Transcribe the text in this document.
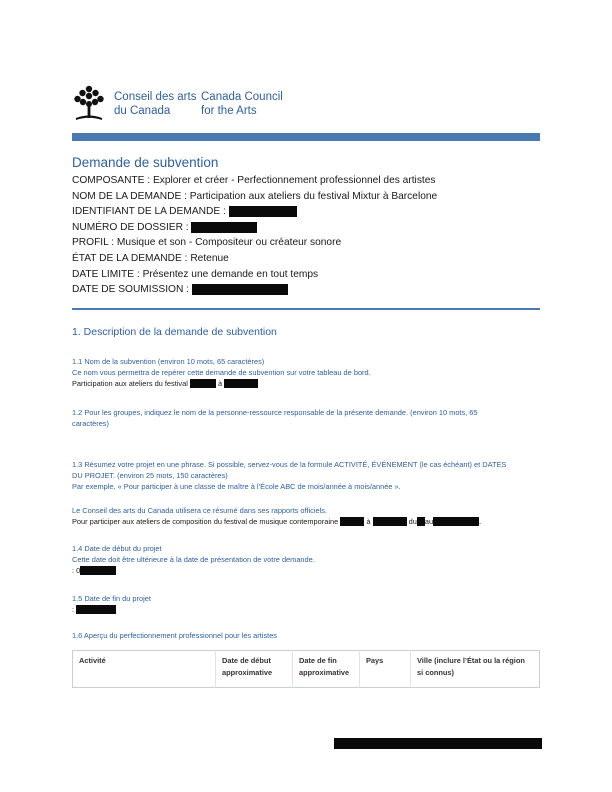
Conseil des arts
du Canada
Canada Council
for the Arts
Demande de subvention
COMPOSANTE : Explorer et créer - Perfectionnement professionnel des artistes
NOM DE LA DEMANDE : Participation aux ateliers du festival Mixtur à Barcelone
IDENTIFIANT DE LA DEMANDE :
NUMÉRO DE DOSSIER :
PROFIL : Musique et son - Compositeur ou créateur sonore
ÉTAT DE LA DEMANDE : Retenue
DATE LIMITE : Présentez une demande en tout temps
DATE DE SOUMISSION :
1. Description de la demande de subvention
1.1 Nom de la subvention (environ 10 mots, 65 caractères)
Ce nom vous permettra de repérer cette demande de subvention sur votre tableau de bord.
Participation aux ateliers du festival	à
1.2 Pour les groupes, indiquez le nom de la personne-ressource responsable de la présente demande. (environ 10 mots, 65
caractères)
1.3 Résumez votre projet en une phrase. Si possible, servez-vous de la formule ACTIVITÉ, ÉVÉNEMENT (le cas échéant) et DATES
DU PROJET. (environ 25 mots, 150 caractères)
Par exemple, « Pour participer à une classe de maître à l’École ABC de mois/année à mois/année ».
Le Conseil des arts du Canada utilisera ce résumé dans ses rapports officiels.
Pour participer aux ateliers de composition du festival de musique contemporaine	à	du au	.
1.4 Date de début du projet
Cette date doit être ultérieure à la date de présentation de votre demande.
: 0
1.5 Date de fin du projet
:
1.6 Aperçu du perfectionnement professionnel pour les artistes
Activité	Date de début approximative	Date de fin approximative	Pays	Ville (inclure l’État ou la région si connus)
